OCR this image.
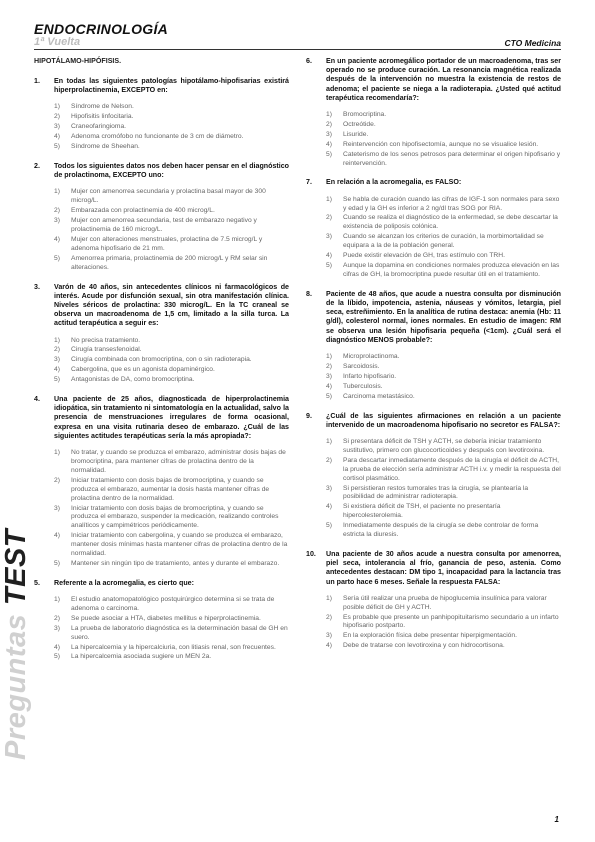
ENDOCRINOLOGÍA
1ª Vuelta	CTO Medicina
Preguntas TEST
HIPOTÁLAMO-HIPÓFISIS.
1.	En todas las siguientes patologías hipotálamo-hipofisarias existirá hiperprolactinemia, EXCEPTO en:
1)	Síndrome de Nelson.
2)	Hipofisitis linfocitaria.
3)	Craneofaringioma.
4)	Adenoma cromófobo no funcionante de 3 cm de diámetro.
5)	Síndrome de Sheehan.
2.	Todos los siguientes datos nos deben hacer pensar en el diagnóstico de prolactinoma, EXCEPTO uno:
1)	Mujer con amenorrea secundaria y prolactina basal mayor de 300 microg/L.
2)	Embarazada con prolactinemia de 400 microg/L.
3)	Mujer con amenorrea secundaria, test de embarazo negativo y prolactinemia de 160 microg/L.
4)	Mujer con alteraciones menstruales, prolactina de 7.5 microg/L y adenoma hipofisario de 21 mm.
5)	Amenorrea primaria, prolactinemia de 200 microg/L y RM selar sin alteraciones.
3.	Varón de 40 años, sin antecedentes clínicos ni farmacológicos de interés. Acude por disfunción sexual, sin otra manifestación clínica. Niveles séricos de prolactina: 330 microg/L. En la TC craneal se observa un macroadenoma de 1,5 cm, limitado a la silla turca. La actitud terapéutica a seguir es:
1)	No precisa tratamiento.
2)	Cirugía transesfenoidal.
3)	Cirugía combinada con bromocriptina, con o sin radioterapia.
4)	Cabergolina, que es un agonista dopaminérgico.
5)	Antagonistas de DA, como bromocriptina.
4.	Una paciente de 25 años, diagnosticada de hiperprolactinemia idiopática, sin tratamiento ni sintomatología en la actualidad, salvo la presencia de menstruaciones irregulares de forma ocasional, expresa en una visita rutinaria deseo de embarazo. ¿Cuál de las siguientes actitudes terapéuticas sería la más apropiada?:
1)	No tratar, y cuando se produzca el embarazo, administrar dosis bajas de bromocriptina, para mantener cifras de prolactina dentro de la normalidad.
2)	Iniciar tratamiento con dosis bajas de bromocriptina, y cuando se produzca el embarazo, aumentar la dosis hasta mantener cifras de prolactina dentro de la normalidad.
3)	Iniciar tratamiento con dosis bajas de bromocriptina, y cuando se produzca el embarazo, suspender la medicación, realizando controles analíticos y campimétricos periódicamente.
4)	Iniciar tratamiento con cabergolina, y cuando se produzca el embarazo, mantener dosis mínimas hasta mantener cifras de prolactina dentro de la normalidad.
5)	Mantener sin ningún tipo de tratamiento, antes y durante el embarazo.
5.	Referente a la acromegalia, es cierto que:
1)	El estudio anatomopatológico postquirúrgico determina si se trata de adenoma o carcinoma.
2)	Se puede asociar a HTA, diabetes mellitus e hiperprolactinemia.
3)	La prueba de laboratorio diagnóstica es la determinación basal de GH en suero.
4)	La hipercalcemia y la hipercalciuria, con litiasis renal, son frecuentes.
5)	La hipercalcemia asociada sugiere un MEN 2a.
6.	En un paciente acromegálico portador de un macroadenoma, tras ser operado no se produce curación. La resonancia magnética realizada después de la intervención no muestra la existencia de restos de adenoma; el paciente se niega a la radioterapia. ¿Usted qué actitud terapéutica recomendaría?:
1)	Bromocriptina.
2)	Octreótide.
3)	Lisuride.
4)	Reintervención con hipofisectomía, aunque no se visualice lesión.
5)	Cateterismo de los senos petrosos para determinar el origen hipofisario y reintervención.
7.	En relación a la acromegalia, es FALSO:
1)	Se habla de curación cuando las cifras de IGF-1 son normales para sexo y edad y la GH es inferior a 2 ng/dl tras SOG por RIA.
2)	Cuando se realiza el diagnóstico de la enfermedad, se debe descartar la existencia de poliposis colónica.
3)	Cuando se alcanzan los criterios de curación, la morbimortalidad se equipara a la de la población general.
4)	Puede existir elevación de GH, tras estímulo con TRH.
5)	Aunque la dopamina en condiciones normales produzca elevación en las cifras de GH, la bromocriptina puede resultar útil en el tratamiento.
8.	Paciente de 48 años, que acude a nuestra consulta por disminución de la líbido, impotencia, astenia, náuseas y vómitos, letargia, piel seca, estreñimiento. En la analítica de rutina destaca: anemia (Hb: 11 g/dl), colesterol normal, iones normales. En estudio de imagen: RM se observa una lesión hipofisaria pequeña (<1cm). ¿Cuál será el diagnóstico MENOS probable?:
1)	Microprolactinoma.
2)	Sarcoidosis.
3)	Infarto hipofisario.
4)	Tuberculosis.
5)	Carcinoma metastásico.
9.	¿Cuál de las siguientes afirmaciones en relación a un paciente intervenido de un macroadenoma hipofisario no secretor es FALSA?:
1)	Si presentara déficit de TSH y ACTH, se debería iniciar tratamiento sustitutivo, primero con glucocorticoides y después con levotiroxina.
2)	Para descartar inmediatamente después de la cirugía el déficit de ACTH, la prueba de elección sería administrar ACTH i.v. y medir la respuesta del cortisol plasmático.
3)	Si persistieran restos tumorales tras la cirugía, se plantearía la posibilidad de administrar radioterapia.
4)	Si existiera déficit de TSH, el paciente no presentaría hipercolesterolemia.
5)	Inmediatamente después de la cirugía se debe controlar de forma estricta la diuresis.
10.	Una paciente de 30 años acude a nuestra consulta por amenorrea, piel seca, intolerancia al frío, ganancia de peso, astenia. Como antecedentes destacan: DM tipo 1, incapacidad para la lactancia tras un parto hace 6 meses. Señale la respuesta FALSA:
1)	Sería útil realizar una prueba de hipoglucemia insulínica para valorar posible déficit de GH y ACTH.
2)	Es probable que presente un panhipopituitarismo secundario a un infarto hipofisario postparto.
3)	En la exploración física debe presentar hiperpigmentación.
4)	Debe de tratarse con levotiroxina y con hidrocortisona.
1
